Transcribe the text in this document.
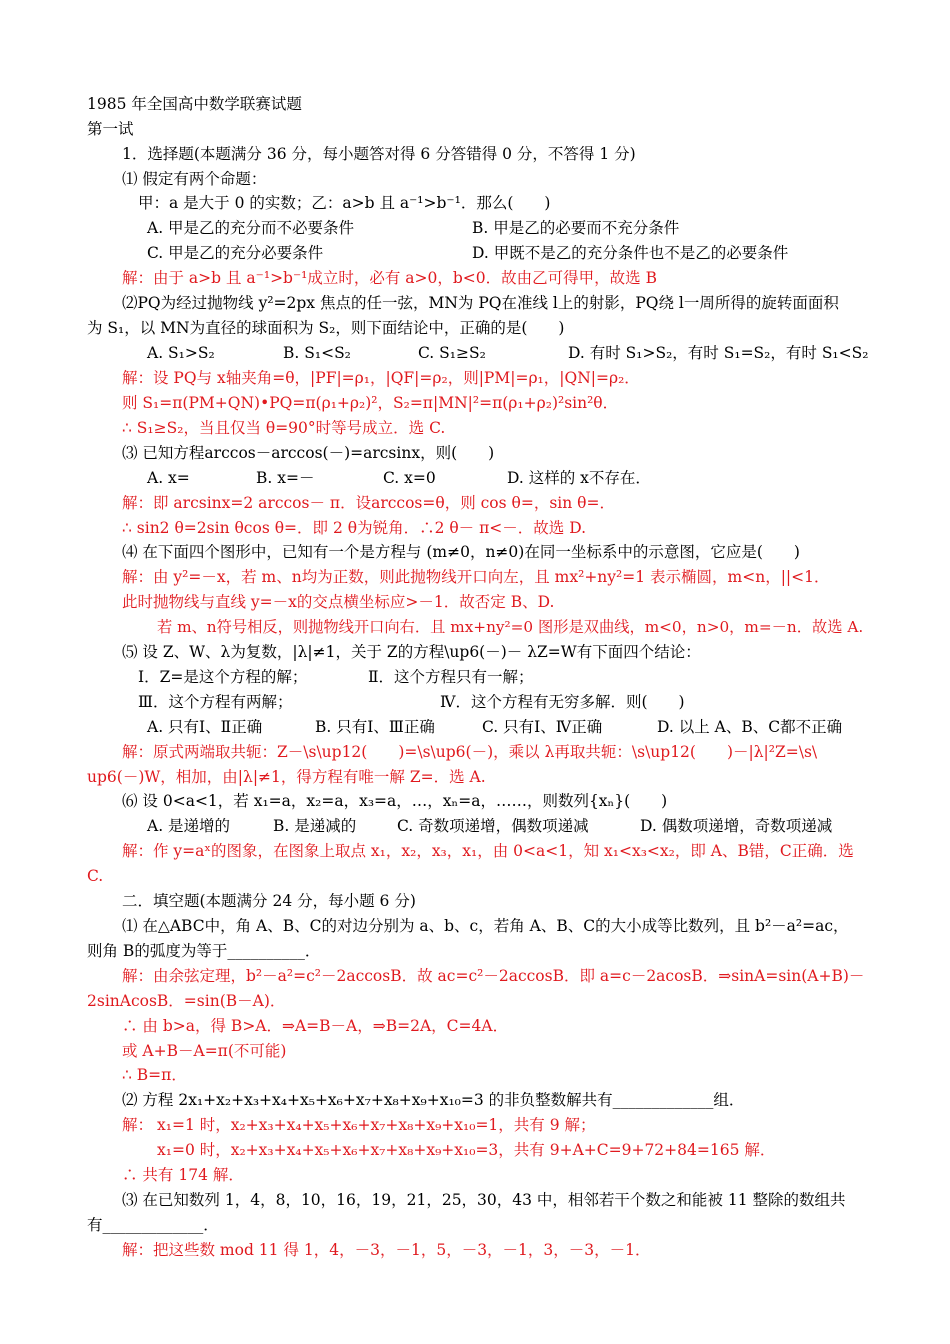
1985 年全国高中数学联赛试题
第一试
1．选择题(本题满分 36 分，每小题答对得 6 分答错得 0 分，不答得 1 分)
⑴ 假定有两个命题：
甲：a 是大于 0 的实数；乙：a>b 且 a⁻¹>b⁻¹．那么(　　)
A. 甲是乙的充分而不必要条件	B. 甲是乙的必要而不充分条件
C. 甲是乙的充分必要条件	D. 甲既不是乙的充分条件也不是乙的必要条件
解：由于 a>b 且 a⁻¹>b⁻¹成立时，必有 a>0，b<0．故由乙可得甲，故选 B
⑵PQ为经过抛物线 y²=2px 焦点的任一弦，MN为 PQ在准线 l上的射影，PQ绕 l一周所得的旋转面面积
为 S₁，以 MN为直径的球面积为 S₂，则下面结论中，正确的是(　　)
A. S₁>S₂	B. S₁<S₂	C. S₁≥S₂	D. 有时 S₁>S₂，有时 S₁=S₂，有时 S₁<S₂
解：设 PQ与 x轴夹角=θ，|PF|=ρ₁，|QF|=ρ₂，则|PM|=ρ₁，|QN|=ρ₂．
则 S₁=π(PM+QN)•PQ=π(ρ₁+ρ₂)²，S₂=π|MN|²=π(ρ₁+ρ₂)²sin²θ．
∴ S₁≥S₂，当且仅当 θ=90°时等号成立．选 C.
⑶ 已知方程arccos－arccos(－)=arcsinx，则(　　)
A. x=	B. x=－	C. x=0	D. 这样的 x不存在．
解：即 arcsinx=2 arccos－ π．设arccos=θ，则 cos θ=，sin θ=．
∴ sin2 θ=2sin θcos θ=．即 2 θ为锐角．∴2 θ－ π<－．故选 D.
⑷ 在下面四个图形中，已知有一个是方程与 (m≠0，n≠0)在同一坐标系中的示意图，它应是(　　)
解：由 y²=－x，若 m、n均为正数，则此抛物线开口向左，且 mx²+ny²=1 表示椭圆，m<n，||<1．
此时抛物线与直线 y=－x的交点横坐标应>－1．故否定 B、D.
若 m、n符号相反，则抛物线开口向右．且 mx+ny²=0 图形是双曲线，m<0，n>0，m=－n．故选 A.
⑸ 设 Z、W、λ为复数，|λ|≠1，关于 Z的方程\up6(－)－ λZ=W有下面四个结论：
Ⅰ．Z=是这个方程的解；	Ⅱ．这个方程只有一解；
Ⅲ．这个方程有两解；	Ⅳ．这个方程有无穷多解．则(　　)
A. 只有Ⅰ、Ⅱ正确	B. 只有Ⅰ、Ⅲ正确	C. 只有Ⅰ、Ⅳ正确	D. 以上 A、B、C都不正确
解：原式两端取共轭：Z－\s\up12(　　)=\s\up6(－)，乘以 λ再取共轭：\s\up12(　　)－|λ|²Z=\s\
up6(－)W，相加，由|λ|≠1，得方程有唯一解 Z=．选 A.
⑹ 设 0<a<1，若 x₁=a，x₂=a，x₃=a，…，xₙ=a，……，则数列{xₙ}(　　)
A. 是递增的	B. 是递减的	C. 奇数项递增，偶数项递减	D. 偶数项递增，奇数项递减
解：作 y=aˣ的图象，在图象上取点 x₁，x₂，x₃，x₁，由 0<a<1，知 x₁<x₃<x₂，即 A、B错，C正确．选
C.
二．填空题(本题满分 24 分，每小题 6 分)
⑴ 在△ABC中，角 A、B、C的对边分别为 a、b、c，若角 A、B、C的大小成等比数列，且 b²－a²=ac，
则角 B的弧度为等于__________．
解：由余弦定理，b²－a²=c²－2accosB．故 ac=c²－2accosB．即 a=c－2acosB．⇒sinA=sin(A+B)－
2sinAcosB．=sin(B－A)．
∴ 由 b>a，得 B>A．⇒A=B－A，⇒B=2A，C=4A．
或 A+B－A=π(不可能)
∴ B=π．
⑵ 方程 2x₁+x₂+x₃+x₄+x₅+x₆+x₇+x₈+x₉+x₁₀=3 的非负整数解共有_____________组．
解： x₁=1 时，x₂+x₃+x₄+x₅+x₆+x₇+x₈+x₉+x₁₀=1，共有 9 解；
x₁=0 时，x₂+x₃+x₄+x₅+x₆+x₇+x₈+x₉+x₁₀=3，共有 9+A+C=9+72+84=165 解．
∴ 共有 174 解．
⑶ 在已知数列 1，4，8，10，16，19，21，25，30，43 中，相邻若干个数之和能被 11 整除的数组共
有_____________．
解：把这些数 mod 11 得 1，4，－3，－1，5，－3，－1，3，－3，－1．
